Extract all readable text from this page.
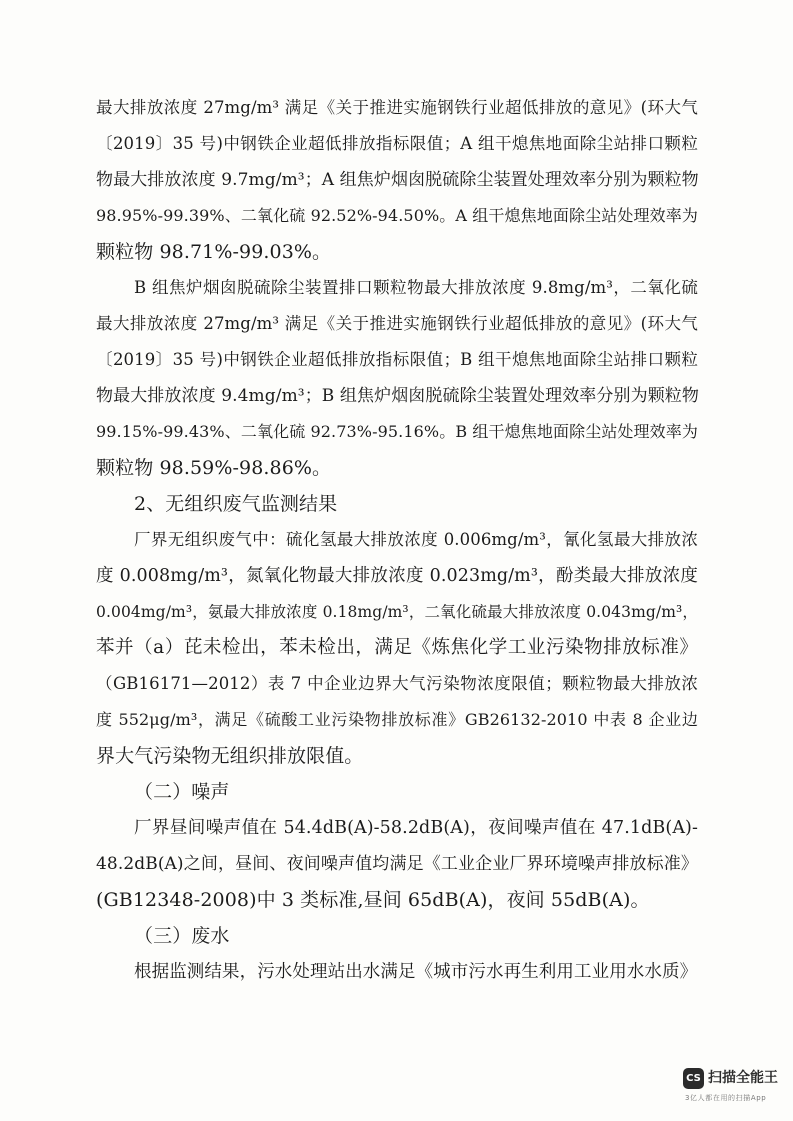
最大排放浓度 27mg/m³ 满足《关于推进实施钢铁行业超低排放的意见》(环大气
〔2019〕35 号)中钢铁企业超低排放指标限值；A 组干熄焦地面除尘站排口颗粒
物最大排放浓度 9.7mg/m³；A 组焦炉烟囱脱硫除尘装置处理效率分别为颗粒物
98.95%-99.39%、二氧化硫 92.52%-94.50%。A 组干熄焦地面除尘站处理效率为
颗粒物 98.71%-99.03%。
B 组焦炉烟囱脱硫除尘装置排口颗粒物最大排放浓度 9.8mg/m³，二氧化硫
最大排放浓度 27mg/m³ 满足《关于推进实施钢铁行业超低排放的意见》(环大气
〔2019〕35 号)中钢铁企业超低排放指标限值；B 组干熄焦地面除尘站排口颗粒
物最大排放浓度 9.4mg/m³；B 组焦炉烟囱脱硫除尘装置处理效率分别为颗粒物
99.15%-99.43%、二氧化硫 92.73%-95.16%。B 组干熄焦地面除尘站处理效率为
颗粒物 98.59%-98.86%。
2、无组织废气监测结果
厂界无组织废气中：硫化氢最大排放浓度 0.006mg/m³，氰化氢最大排放浓
度 0.008mg/m³，氮氧化物最大排放浓度 0.023mg/m³，酚类最大排放浓度
0.004mg/m³，氨最大排放浓度 0.18mg/m³，二氧化硫最大排放浓度 0.043mg/m³，
苯并（a）芘未检出，苯未检出，满足《炼焦化学工业污染物排放标准》
（GB16171—2012）表 7 中企业边界大气污染物浓度限值；颗粒物最大排放浓
度 552μg/m³，满足《硫酸工业污染物排放标准》GB26132-2010 中表 8 企业边
界大气污染物无组织排放限值。
（二）噪声
厂界昼间噪声值在 54.4dB(A)-58.2dB(A)，夜间噪声值在 47.1dB(A)-
48.2dB(A)之间，昼间、夜间噪声值均满足《工业企业厂界环境噪声排放标准》
(GB12348-2008)中 3 类标准,昼间 65dB(A)，夜间 55dB(A)。
（三）废水
根据监测结果，污水处理站出水满足《城市污水再生利用工业用水水质》
CS 扫描全能王
3亿人都在用的扫描App
